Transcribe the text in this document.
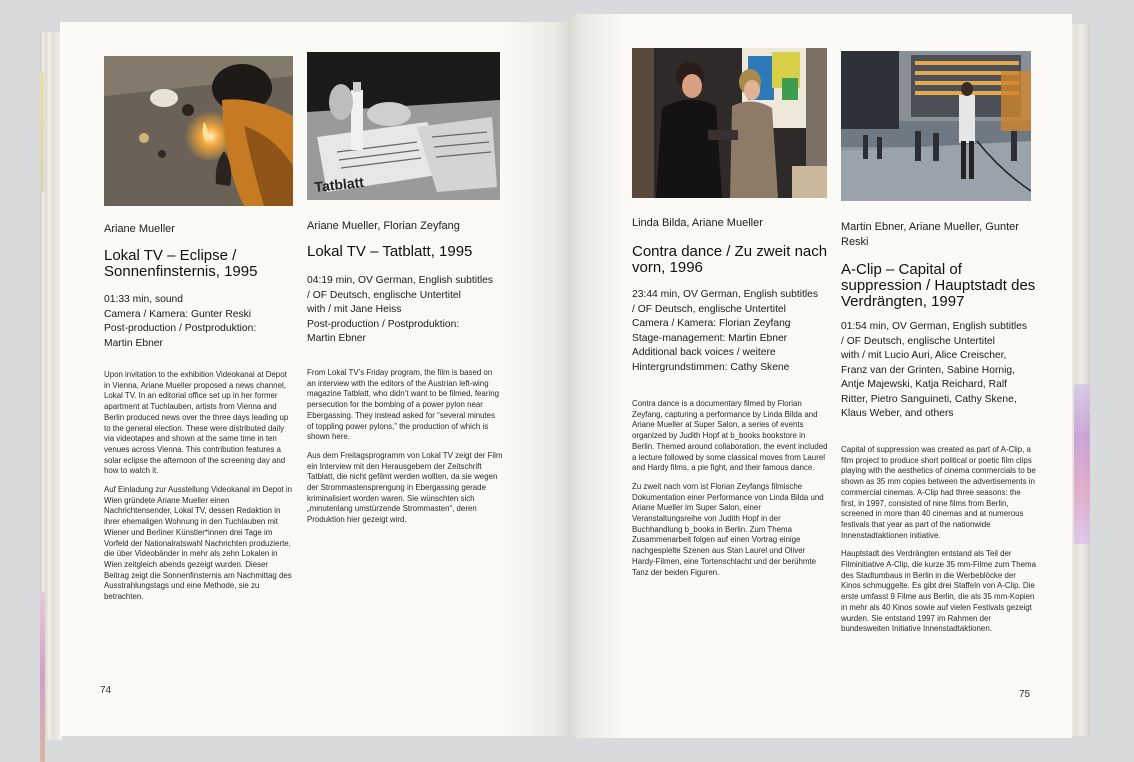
Ariane Mueller
Lokal TV – Eclipse / Sonnenfinsternis, 1995
01:33 min, sound
Camera / Kamera: Gunter Reski
Post-production / Postproduktion:
Martin Ebner

Upon invitation to the exhibition Videokanal at Depot in Vienna, Ariane Mueller proposed a news channel, Lokal TV. In an editorial office set up in her former apartment at Tuchlauben, artists from Vienna and Berlin produced news over the three days leading up to the general election. These were distributed daily via videotapes and shown at the same time in ten venues across Vienna. This contribution features a solar eclipse the afternoon of the screening day and how to watch it.

Auf Einladung zur Ausstellung Videokanal im Depot in Wien gründete Ariane Mueller einen Nachrichtensender, Lokal TV, dessen Redaktion in ihrer ehemaligen Wohnung in den Tuchlauben mit Wiener und Berliner Künstler*innen drei Tage im Vorfeld der Nationalratswahl Nachrichten produzierte, die über Videobänder in mehr als zehn Lokalen in Wien zeitgleich abends gezeigt wurden. Dieser Beitrag zeigt die Sonnenfinsternis am Nachmittag des Ausstrahlungstags und eine Methode, sie zu betrachten.

Tatblatt
Ariane Mueller, Florian Zeyfang
Lokal TV – Tatblatt, 1995
04:19 min, OV German, English subtitles
/ OF Deutsch, englische Untertitel
with / mit Jane Heiss
Post-production / Postproduktion:
Martin Ebner

From Lokal TV’s Friday program, the film is based on an interview with the editors of the Austrian left-wing magazine Tatblatt, who didn’t want to be filmed, fearing persecution for the bombing of a power pylon near Ebergassing. They instead asked for “several minutes of toppling power pylons,” the production of which is shown here.

Aus dem Freitagsprogramm von Lokal TV zeigt der Film ein Interview mit den Herausgebern der Zeitschrift Tatblatt, die nicht gefilmt werden wollten, da sie wegen der Strommastensprengung in Ebergassing gerade kriminalisiert worden waren. Sie wünschten sich „minutenlang umstürzende Strommasten“, deren Produktion hier gezeigt wird.

74
Linda Bilda, Ariane Mueller
Contra dance / Zu zweit nach vorn, 1996
23:44 min, OV German, English subtitles
/ OF Deutsch, englische Untertitel
Camera / Kamera: Florian Zeyfang
Stage-management: Martin Ebner
Additional back voices / weitere
Hintergrundstimmen: Cathy Skene

Contra dance is a documentary filmed by Florian Zeyfang, capturing a performance by Linda Bilda and Ariane Mueller at Super Salon, a series of events organized by Judith Hopf at b_books bookstore in Berlin. Themed around collaboration, the event included a lecture followed by some classical moves from Laurel and Hardy films, a pie fight, and their famous dance.

Zu zweit nach vorn ist Florian Zeyfangs filmische Dokumentation einer Performance von Linda Bilda und Ariane Mueller im Super Salon, einer Veranstaltungsreihe von Judith Hopf in der Buchhandlung b_books in Berlin. Zum Thema Zusammenarbeit folgen auf einen Vortrag einige nachgespielte Szenen aus Stan Laurel und Oliver Hardy-Filmen, eine Tortenschlacht und der berühmte Tanz der beiden Figuren.

Martin Ebner, Ariane Mueller, Gunter Reski
A-Clip – Capital of suppression / Hauptstadt des Verdrängten, 1997
01:54 min, OV German, English subtitles
/ OF Deutsch, englische Untertitel
with / mit Lucio Auri, Alice Creischer,
Franz van der Grinten, Sabine Hornig,
Antje Majewski, Katja Reichard, Ralf
Ritter, Pietro Sanguineti, Cathy Skene,
Klaus Weber, and others

Capital of suppression was created as part of A-Clip, a film project to produce short political or poetic film clips playing with the aesthetics of cinema commercials to be shown as 35 mm copies between the advertisements in commercial cinemas. A-Clip had three seasons: the first, in 1997, consisted of nine films from Berlin, screened in more than 40 cinemas and at numerous festivals that year as part of the nationwide Innenstadtaktionen initiative.

Hauptstadt des Verdrängten entstand als Teil der Filminitiative A-Clip, die kurze 35 mm-Filme zum Thema des Stadtumbaus in Berlin in die Werbeblöcke der Kinos schmuggelte. Es gibt drei Staffeln von A-Clip. Die erste umfasst 9 Filme aus Berlin, die als 35 mm-Kopien in mehr als 40 Kinos sowie auf vielen Festivals gezeigt wurden. Sie entstand 1997 im Rahmen der bundesweiten Initiative Innenstadtaktionen.

75
